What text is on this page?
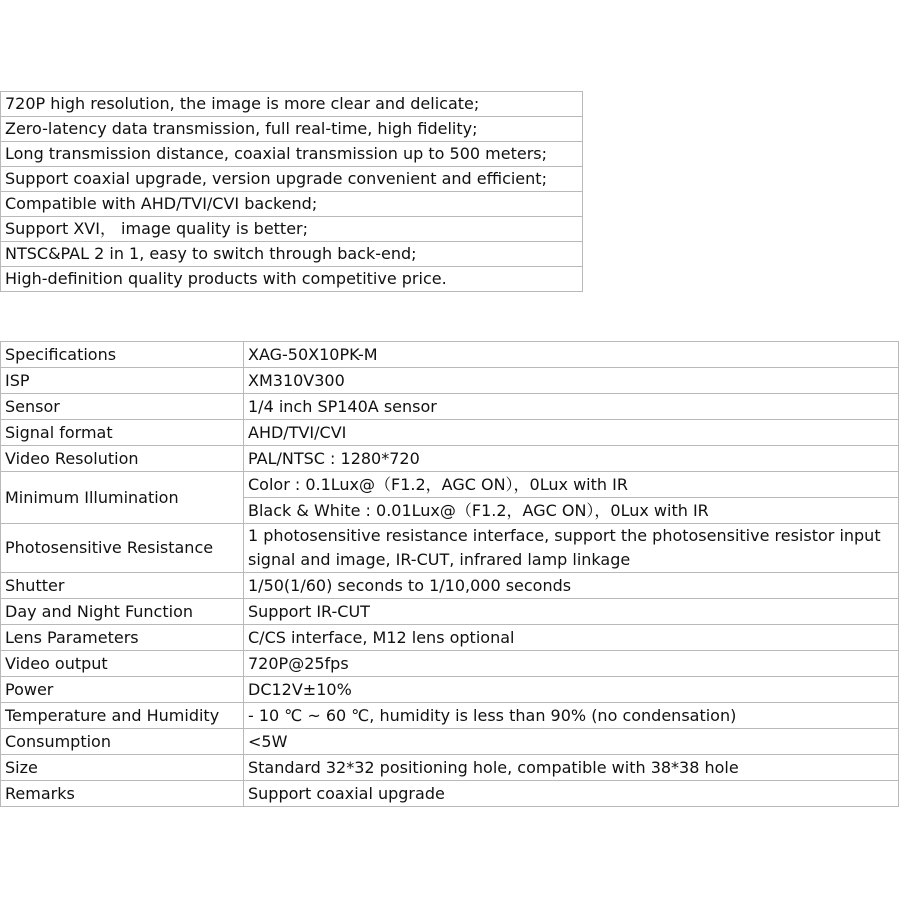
720P high resolution, the image is more clear and delicate;
Zero-latency data transmission, full real-time, high fidelity;
Long transmission distance, coaxial transmission up to 500 meters;
Support coaxial upgrade, version upgrade convenient and efficient;
Compatible with AHD/TVI/CVI backend;
Support XVI， image quality is better;
NTSC&PAL 2 in 1, easy to switch through back-end;
High-definition quality products with competitive price.
Specifications	XAG-50X10PK-M
ISP	XM310V300
Sensor	1/4 inch SP140A sensor
Signal format	AHD/TVI/CVI
Video Resolution	PAL/NTSC : 1280*720
Minimum Illumination	Color : 0.1Lux@（F1.2，AGC ON），0Lux with IR
	Black & White : 0.01Lux@（F1.2，AGC ON），0Lux with IR
Photosensitive Resistance	1 photosensitive resistance interface, support the photosensitive resistor input signal and image, IR-CUT, infrared lamp linkage
Shutter	1/50(1/60) seconds to 1/10,000 seconds
Day and Night Function	Support IR-CUT
Lens Parameters	C/CS interface, M12 lens optional
Video output	720P@25fps
Power	DC12V±10%
Temperature and Humidity	- 10 ℃ ~ 60 ℃, humidity is less than 90% (no condensation)
Consumption	<5W
Size	Standard 32*32 positioning hole, compatible with 38*38 hole
Remarks	Support coaxial upgrade
